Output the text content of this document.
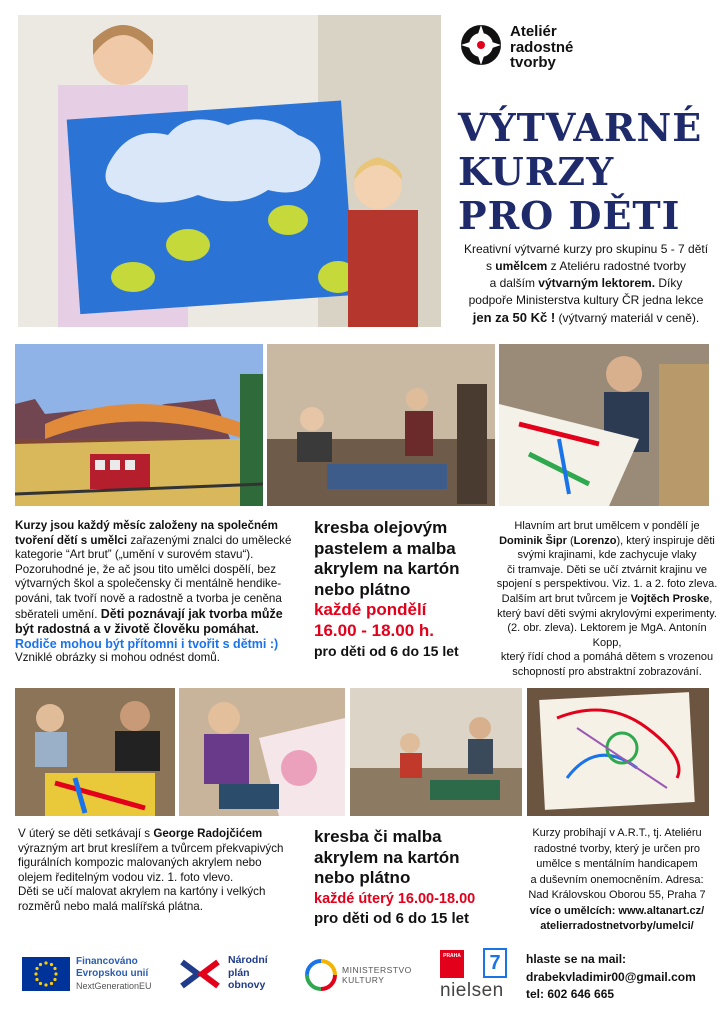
Ateliér
radostné
tvorby
VÝTVARNÉ
KURZY
PRO DĚTI
Kreativní výtvarné kurzy pro skupinu 5 - 7 dětí
s umělcem z Ateliéru radostné tvorby
a dalším výtvarným lektorem. Díky
podpoře Ministerstva kultury ČR jedna lekce
jen za 50 Kč ! (výtvarný materiál v ceně).
Kurzy jsou každý měsíc založeny na společném
tvoření dětí s umělci zařazenými znalci do umělecké
kategorie “Art brut” („umění v surovém stavu“).
Pozoruhodné je, že ač jsou tito umělci dospělí, bez
výtvarných škol a společensky či mentálně hendike-
pováni, tak tvoří nově a radostně a tvorba je ceněna
sběrateli umění. Děti poznávají jak tvorba může
být radostná a v životě člověku pomáhat.
Rodiče mohou být přítomni i tvořit s dětmi :)
Vzniklé obrázky si mohou odnést domů.
kresba olejovým
pastelem a malba
akrylem na kartón
nebo plátno
každé pondělí
16.00 - 18.00 h.
pro děti od 6 do 15 let
Hlavním art brut umělcem v pondělí je
Dominik Šipr (Lorenzo), který inspiruje děti
svými krajinami, kde zachycuje vlaky
či tramvaje. Děti se učí ztvárnit krajinu ve
spojení s perspektivou. Viz. 1. a 2. foto zleva.
Dalším art brut tvůrcem je Vojtěch Proske,
který baví děti svými akrylovými experimenty.
(2. obr. zleva). Lektorem je MgA. Antonín Kopp,
který řídí chod a pomáhá dětem s vrozenou
schopností pro abstraktní zobrazování.
V úterý se děti setkávají s George Radojčićem
výrazným art brut kreslířem a tvůrcem překvapivých
figurálních kompozic malovaných akrylem nebo
olejem ředitelným vodou viz. 1. foto vlevo.
Děti se učí malovat akrylem na kartóny i velkých
rozměrů nebo malá malířská plátna.
kresba či malba
akrylem na kartón
nebo plátno
každé úterý 16.00-18.00
pro děti od 6 do 15 let
Kurzy probíhají v A.R.T., tj. Ateliéru
radostné tvorby, který je určen pro
umělce s mentálním handicapem
a duševním onemocněním. Adresa:
Nad Královskou Oborou 55, Praha 7
více o umělcích: www.altanart.cz/
atelierradostnetvorby/umelci/
Financováno
Evropskou unií
NextGenerationEU
Národní
plán
obnovy
MINISTERSTVO
KULTURY
PRAHA 7
nielsen
hlaste se na mail:
drabekvladimir00@gmail.com
tel: 602 646 665
